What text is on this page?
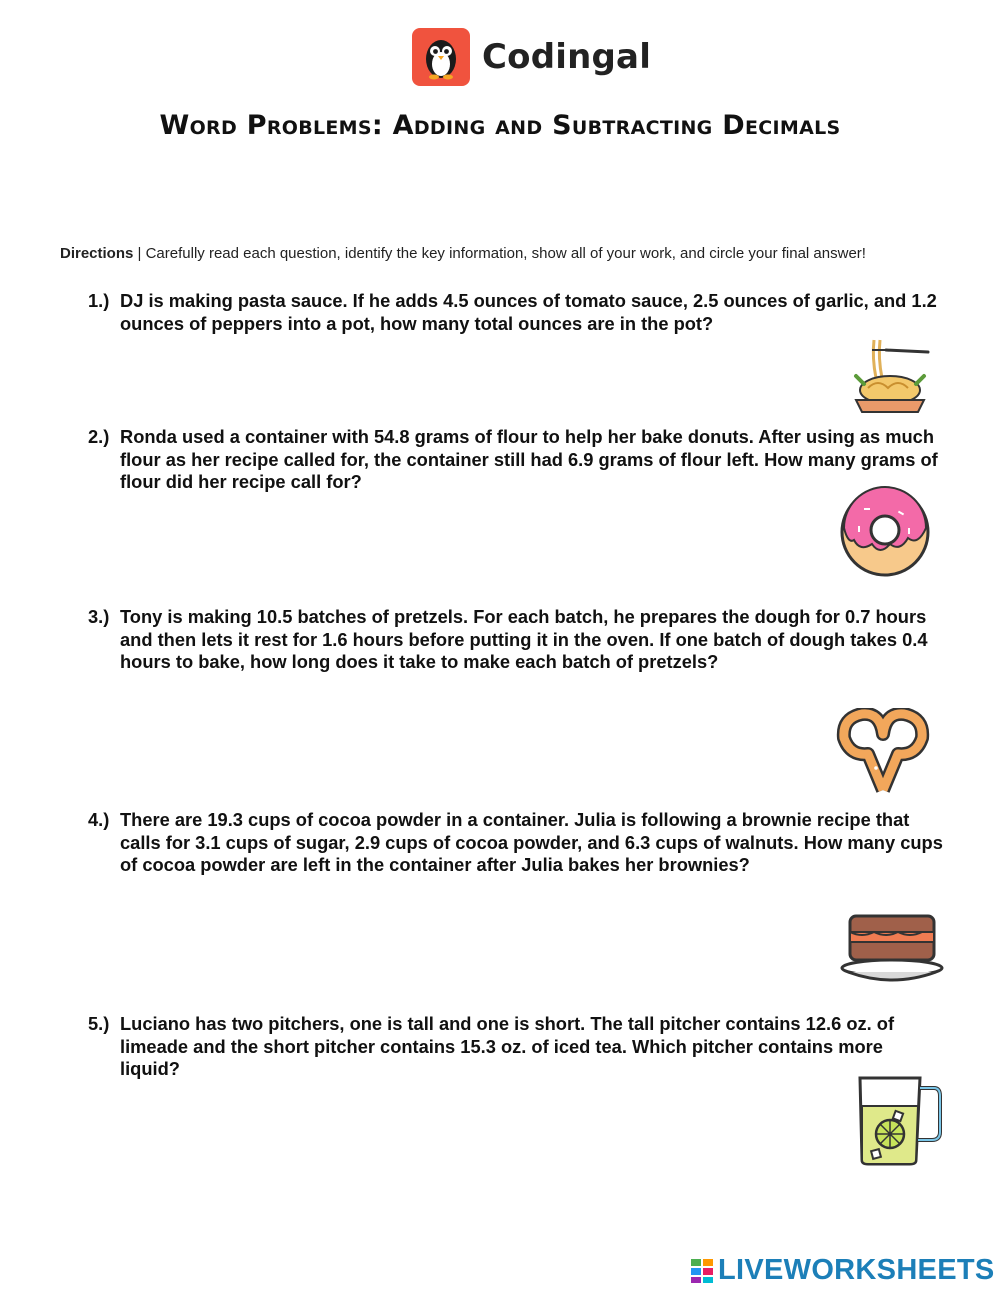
Codingal
Word Problems: Adding and Subtracting Decimals
Directions | Carefully read each question, identify the key information, show all of your work, and circle your final answer!
1.) DJ is making pasta sauce. If he adds 4.5 ounces of tomato sauce, 2.5 ounces of garlic, and 1.2 ounces of peppers into a pot, how many total ounces are in the pot?
2.) Ronda used a container with 54.8 grams of flour to help her bake donuts. After using as much flour as her recipe called for, the container still had 6.9 grams of flour left. How many grams of flour did her recipe call for?
3.) Tony is making 10.5 batches of pretzels. For each batch, he prepares the dough for 0.7 hours and then lets it rest for 1.6 hours before putting it in the oven. If one batch of dough takes 0.4 hours to bake, how long does it take to make each batch of pretzels?
4.) There are 19.3 cups of cocoa powder in a container. Julia is following a brownie recipe that calls for 3.1 cups of sugar, 2.9 cups of cocoa powder, and 6.3 cups of walnuts. How many cups of cocoa powder are left in the container after Julia bakes her brownies?
5.) Luciano has two pitchers, one is tall and one is short. The tall pitcher contains 12.6 oz. of limeade and the short pitcher contains 15.3 oz. of iced tea. Which pitcher contains more liquid?
LIVEWORKSHEETS
